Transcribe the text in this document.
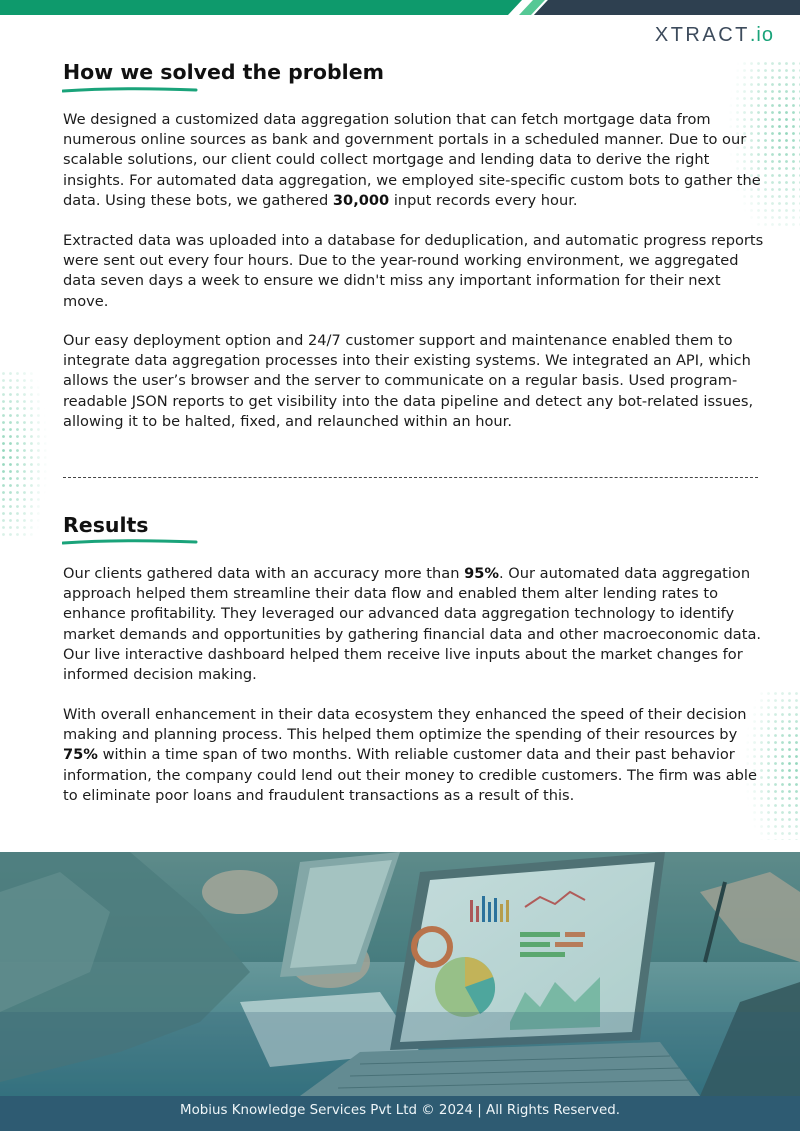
XTRACT.io
How we solved the problem

We designed a customized data aggregation solution that can fetch mortgage data from numerous online sources as bank and government portals in a scheduled manner. Due to our scalable solutions, our client could collect mortgage and lending data to derive the right insights. For automated data aggregation, we employed site-specific custom bots to gather the data. Using these bots, we gathered 30,000 input records every hour.

Extracted data was uploaded into a database for deduplication, and automatic progress reports were sent out every four hours. Due to the year-round working environment, we aggregated data seven days a week to ensure we didn't miss any important information for their next move.

Our easy deployment option and 24/7 customer support and maintenance enabled them to integrate data aggregation processes into their existing systems. We integrated an API, which allows the user’s browser and the server to communicate on a regular basis. Used program-readable JSON reports to get visibility into the data pipeline and detect any bot-related issues, allowing it to be halted, fixed, and relaunched within an hour.

Results

Our clients gathered data with an accuracy more than 95%. Our automated data aggregation approach helped them streamline their data flow and enabled them alter lending rates to enhance profitability. They leveraged our advanced data aggregation technology to identify market demands and opportunities by gathering financial data and other macroeconomic data. Our live interactive dashboard helped them receive live inputs about the market changes for informed decision making.

With overall enhancement in their data ecosystem they enhanced the speed of their decision making and planning process. This helped them optimize the spending of their resources by 75% within a time span of two months. With reliable customer data and their past behavior information, the company could lend out their money to credible customers. The firm was able to eliminate poor loans and fraudulent transactions as a result of this.

Mobius Knowledge Services Pvt Ltd © 2024 | All Rights Reserved.
